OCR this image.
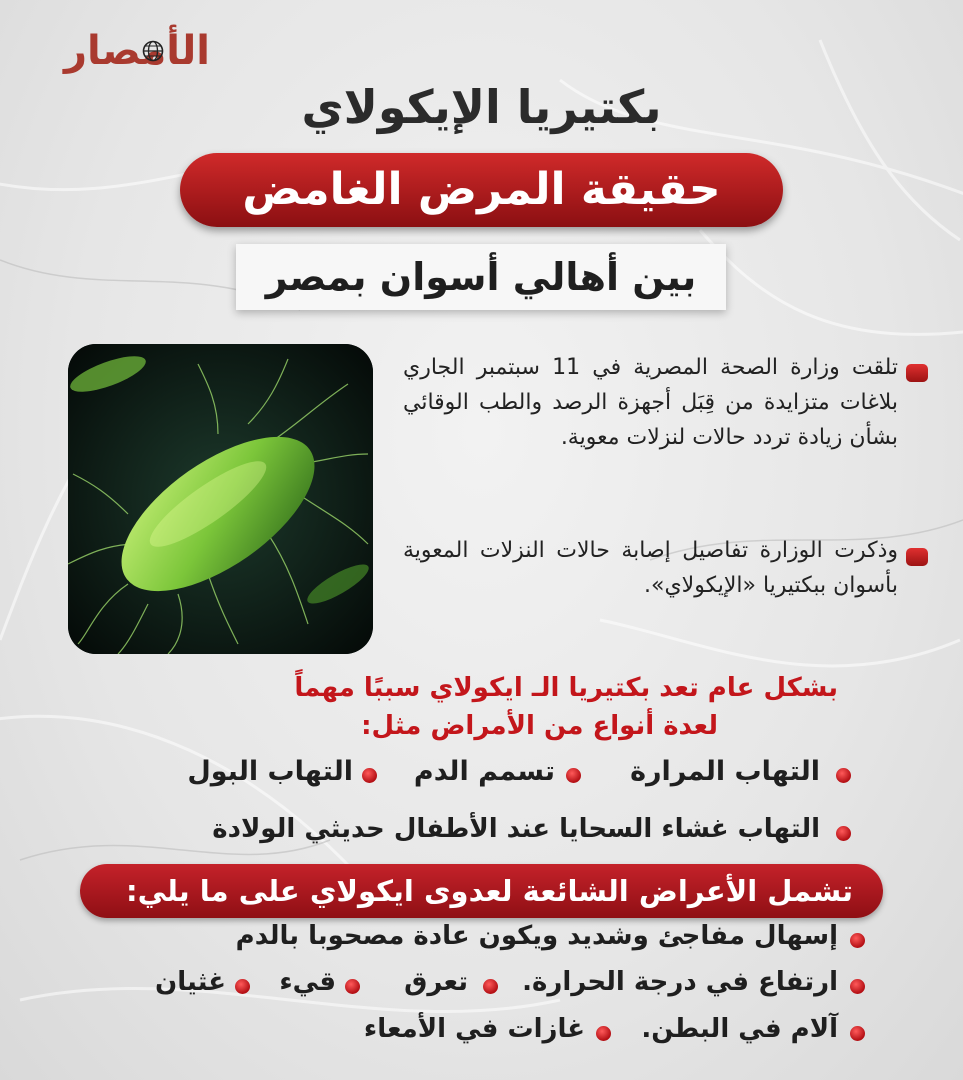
الأمصار
بكتيريا الإيكولاي
حقيقة المرض الغامض
بين أهالي أسوان بمصر
تلقت وزارة الصحة المصرية في 11 سبتمبر الجاري بلاغات متزايدة من قِبَل أجهزة الرصد والطب الوقائي بشأن زيادة تردد حالات لنزلات معوية.
وذكرت الوزارة تفاصيل إصابة حالات النزلات المعوية بأسوان ببكتيريا «الإيكولاي».
بشكل عام تعد بكتيريا الـ ايكولاي سببًا مهماً
لعدة أنواع من الأمراض مثل:
التهاب المرارة
تسمم الدم
التهاب البول
التهاب غشاء السحايا عند الأطفال حديثي الولادة
تشمل الأعراض الشائعة لعدوى ايكولاي على ما يلي:
إسهال مفاجئ وشديد ويكون عادة مصحوبا بالدم
ارتفاع في درجة الحرارة.
تعرق
قيء
غثيان
آلام في البطن.
غازات في الأمعاء
